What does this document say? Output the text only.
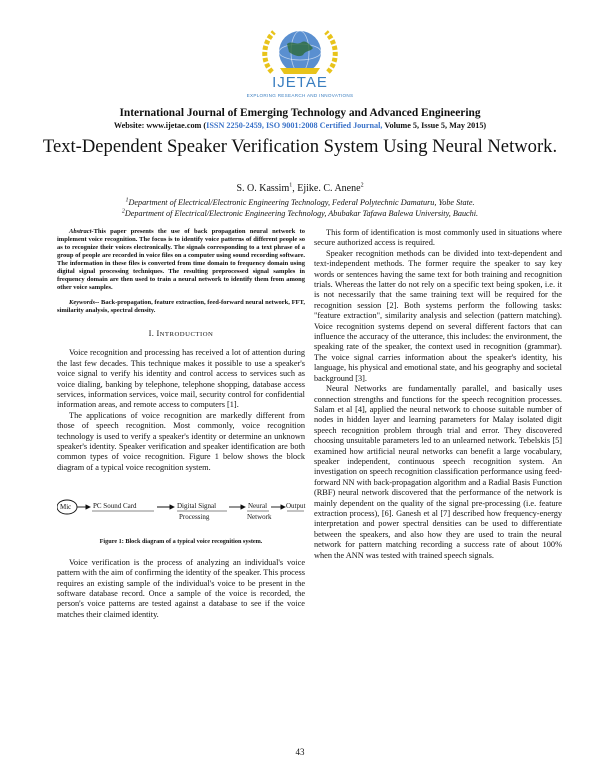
IJETAE
EXPLORING RESEARCH AND INNOVATIONS
International Journal of Emerging Technology and Advanced Engineering
Website: www.ijetae.com (ISSN 2250-2459, ISO 9001:2008 Certified Journal, Volume 5, Issue 5, May 2015)
Text-Dependent Speaker Verification System Using Neural Network.
S. O. Kassim$^1$, Ejike. C. Anene$^2$
$^1$Department of Electrical/Electronic Engineering Technology, Federal Polytechnic Damaturu, Yobe State.
$^2$Department of Electrical/Electronic Engineering Technology, Abubakar Tafawa Balewa University, Bauchi.

Abstract-This paper presents the use of back propagation neural network to implement voice recognition. The focus is to identify voice patterns of different people so as to recognize their voices electronically. The signals corresponding to a text phrase of a group of people are recorded in voice files on a computer using sound recording software. The information in these files is converted from time domain to frequency domain using digital signal processing techniques. The resulting preprocessed signal samples in frequency domain are then used to train a neural network to identify them from among other voice samples.

Keywords-- Back-propagation, feature extraction, feed-forward neural network, FFT, similarity analysis, spectral density.

I. INTRODUCTION

Voice recognition and processing has received a lot of attention during the last few decades. This technique makes it possible to use a speaker's voice signal to verify his identity and control access to services such as voice dialing, banking by telephone, telephone shopping, database access services, information services, voice mail, security control for confidential information areas, and remote access to computers [1].

The applications of voice recognition are markedly different from those of speech recognition. Most commonly, voice recognition technology is used to verify a speaker's identity or determine an unknown speaker's identity. Speaker verification and speaker identification are both common types of voice recognition. Figure 1 below shows the block diagram of a typical voice recognition system.

Mic	PC Sound Card	Digital Signal
Processing
Neural
Network
Output

Figure 1: Block diagram of a typical voice recognition system.

Voice verification is the process of analyzing an individual's voice pattern with the aim of confirming the identity of the speaker. This process requires an existing sample of the individual's voice to be present in the software database record. Once a sample of the voice is recorded, the person's voice patterns are tested against a database to see if the voice matches their claimed identity.

This form of identification is most commonly used in situations where secure authorized access is required.

Speaker recognition methods can be divided into text-dependent and text-independent methods. The former require the speaker to say key words or sentences having the same text for both training and recognition trials. Whereas the latter do not rely on a specific text being spoken, i.e. it is not necessarily that the same training text will be required for the recognition session [2]. Both systems perform the following tasks: "feature extraction", similarity analysis and selection (pattern matching). Voice recognition systems depend on several different factors that can influence the accuracy of the utterance, this includes: the environment, the speaking rate of the speaker, the context used in recognition (grammar). The voice signal carries information about the speaker's identity, his language, his physical and emotional state, and his geography and societal background [3].

Neural Networks are fundamentally parallel, and basically uses connection strengths and functions for the speech recognition processes. Salam et al [4], applied the neural network to choose suitable number of nodes in hidden layer and learning parameters for Malay isolated digit speech recognition problem through trial and error. They discovered choosing unsuitable parameters led to an unlearned network. Tebelskis [5] examined how artificial neural networks can benefit a large vocabulary, speaker independent, continuous speech recognition system. An investigation on speech recognition classification performance using feed-forward NN with back-propagation algorithm and a Radial Basis Function (RBF) neural network discovered that the performance of the network is mainly dependent on the quality of the signal pre-processing (i.e. feature extraction process), [6]. Ganesh et al [7] described how frequency-energy interpretation and power spectral densities can be used to differentiate between the speakers, and also how they are used to train the neural network for pattern matching recording a success rate of about 100% when the ANN was tested with trained speech signals.

43
